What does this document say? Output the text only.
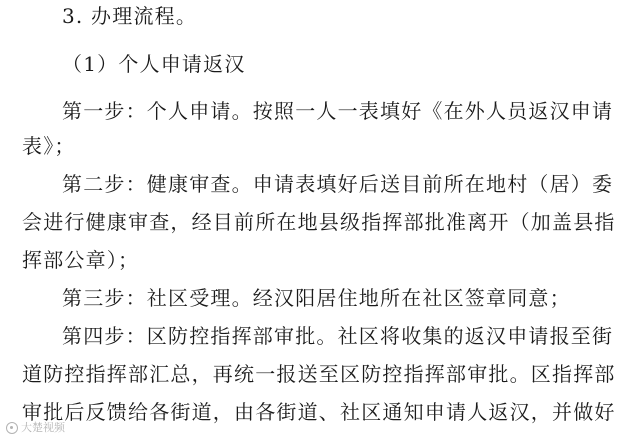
3. 办理流程。
（1）个人申请返汉
第一步：个人申请。按照一人一表填好《在外人员返汉申请
表》；
第二步：健康审查。申请表填好后送目前所在地村（居）委
会进行健康审查，经目前所在地县级指挥部批准离开（加盖县指
挥部公章）；
第三步：社区受理。经汉阳居住地所在社区签章同意；
第四步：区防控指挥部审批。社区将收集的返汉申请报至街
道防控指挥部汇总，再统一报送至区防控指挥部审批。区指挥部
审批后反馈给各街道，由各街道、社区通知申请人返汉，并做好
大楚视频
